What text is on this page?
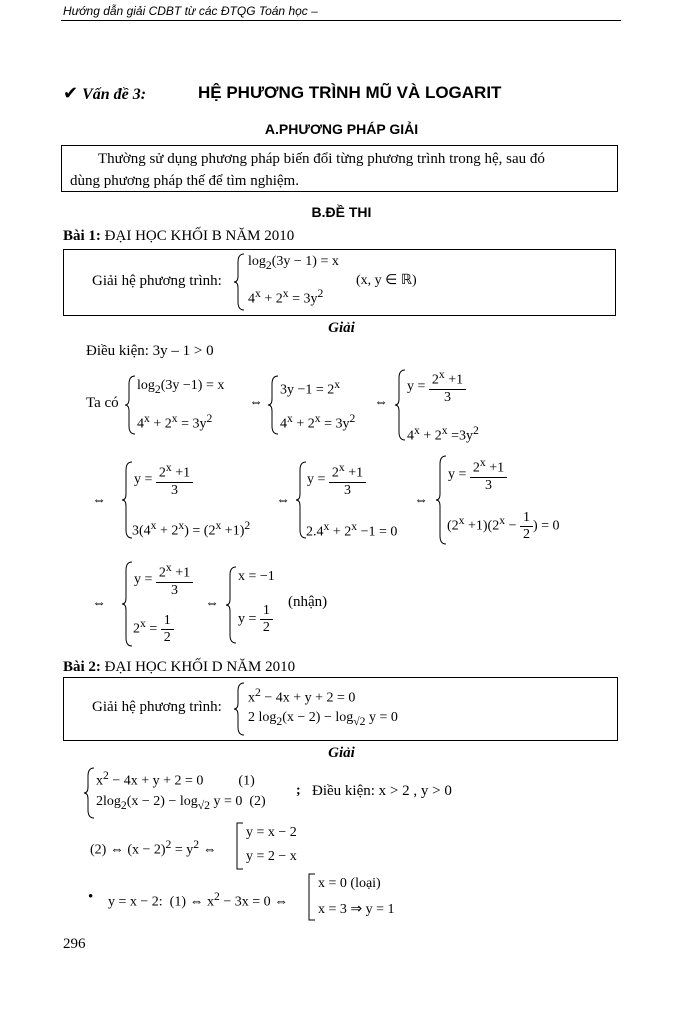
Hướng dẫn giải CDBT từ các ĐTQG Toán học –
✔ Vấn đề 3:	HỆ PHƯƠNG TRÌNH MŨ VÀ LOGARIT
A.PHƯƠNG PHÁP GIẢI
Thường sử dụng phương pháp biến đổi từng phương trình trong hệ, sau đó
dùng phương pháp thế để tìm nghiệm.
B.ĐỀ THI
Bài 1: ĐẠI HỌC KHỐI B NĂM 2010
Giải hệ phương trình:
$\log_2(3y - 1) = x$
$4^x + 2^x = 3y^2$
(x, y ∈ ℝ)
Giải
Điều kiện: 3y – 1 > 0
Ta có
$\log_2(3y -1) = x$
$4^x + 2^x = 3y^2$
⇔
$3y -1 = 2^x$
$4^x + 2^x = 3y^2$
⇔
$y = \frac{2^x +1}{3}$
$4^x + 2^x =3y^2$
⇔
$y = \frac{2^x +1}{3}$
$3(4^x + 2^x) = (2^x +1)^2$
⇔
$y = \frac{2^x +1}{3}$
$2.4^x + 2^x -1 = 0$
⇔
$y = \frac{2^x +1}{3}$
$(2^x +1)(2^x - \frac{1}{2}$ ) = 0
⇔
$y = \frac{2^x +1}{3}$
$2^x = \frac{1}{2}$
⇔
x = −1
$y = \frac{1}{2}$
(nhận)
Bài 2: ĐẠI HỌC KHỐI D NĂM 2010
Giải hệ phương trình:
$x^2 - 4x + y + 2 = 0$
2 $\log_2(x - 2) - \log_{√2} y = 0$
Giải
$x^2 - 4x + y + 2 = 0$          (1)
$2\log_2(x - 2) - \log_{√2} y = 0$  (2)
; Điều kiện: x > 2 , y > 0
(2) ⇔ $(x - 2)^2 = y^2$ ⇔
y = x − 2
y = 2 − x
• y = x − 2:  (1) ⇔ $x^2 - 3x = 0$ ⇔
x = 0 (loại)
x = 3 ⇒ y = 1
296
